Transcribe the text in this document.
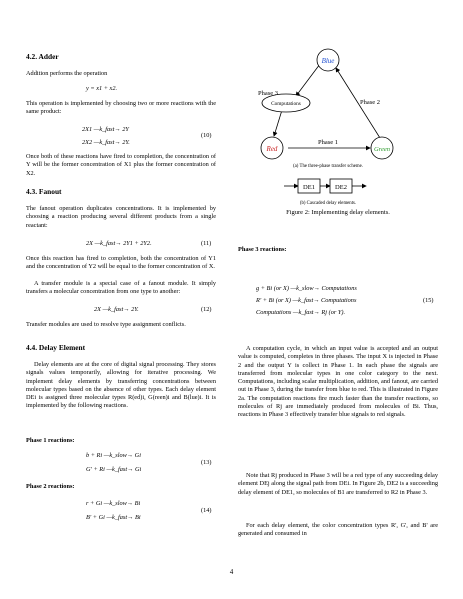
4.2. Adder
Addition performs the operation
y = x1 + x2.
This operation is implemented by choosing two or more reactions with the same product:
2X1 —k_fast→ 2Y
2X2 —k_fast→ 2Y.
(10)
Once both of these reactions have fired to completion, the concentration of Y will be the former concentration of X1 plus the former concentration of X2.
4.3. Fanout
The fanout operation duplicates concentrations. It is implemented by choosing a reaction producing several different products from a single reactant:
2X —k_fast→ 2Y1 + 2Y2.	(11)
Once this reaction has fired to completion, both the concentration of Y1 and the concentration of Y2 will be equal to the former concentration of X.
A transfer module is a special case of a fanout module. It simply transfers a molecular concentration from one type to another:
2X —k_fast→ 2Y.	(12)
Transfer modules are used to resolve type assignment conflicts.
4.4. Delay Element
Delay elements are at the core of digital signal processing. They stores signals values temporarily, allowing for iterative processing. We implement delay elements by transferring concentrations between molecular types based on the absence of other types. Each delay element DEi is assigned three molecular types R(ed)i, G(reen)i and B(lue)i. It is implemented by the following reactions.
Phase 1 reactions:
b + Ri —k_slow→ Gi
G' + Ri —k_fast→ Gi
(13)
Phase 2 reactions:
r + Gi —k_slow→ Bi
B' + Gi —k_fast→ Bi
(14)
Blue
Computations
Red	Green
Phase 3
Phase 2
Phase 1
(a) The three-phase transfer scheme.
DE1	DE2
(b) Cascaded delay elements.
Figure 2: Implementing delay elements.
Phase 3 reactions:
g + Bi (or X) —k_slow→ Computations
R' + Bi (or X) —k_fast→ Computations
Computations —k_fast→ Rj (or Y).
(15)
A computation cycle, in which an input value is accepted and an output value is computed, completes in three phases. The input X is injected in Phase 2 and the output Y is collect in Phase 1. In each phase the signals are transferred from molecular types in one color category to the next. Computations, including scalar multiplication, addition, and fanout, are carried out in Phase 3, during the transfer from blue to red. This is illustrated in Figure 2a. The computation reactions fire much faster than the transfer reactions, so molecules of Rj are immediately produced from molecules of Bi. Thus, reactions in Phase 3 effectively transfer blue signals to red signals.
Note that Rj produced in Phase 3 will be a red type of any succeeding delay element DEj along the signal path from DEi. In Figure 2b, DE2 is a succeeding delay element of DE1, so molecules of B1 are transferred to R2 in Phase 3.
For each delay element, the color concentration types R', G', and B' are generated and consumed in
4
